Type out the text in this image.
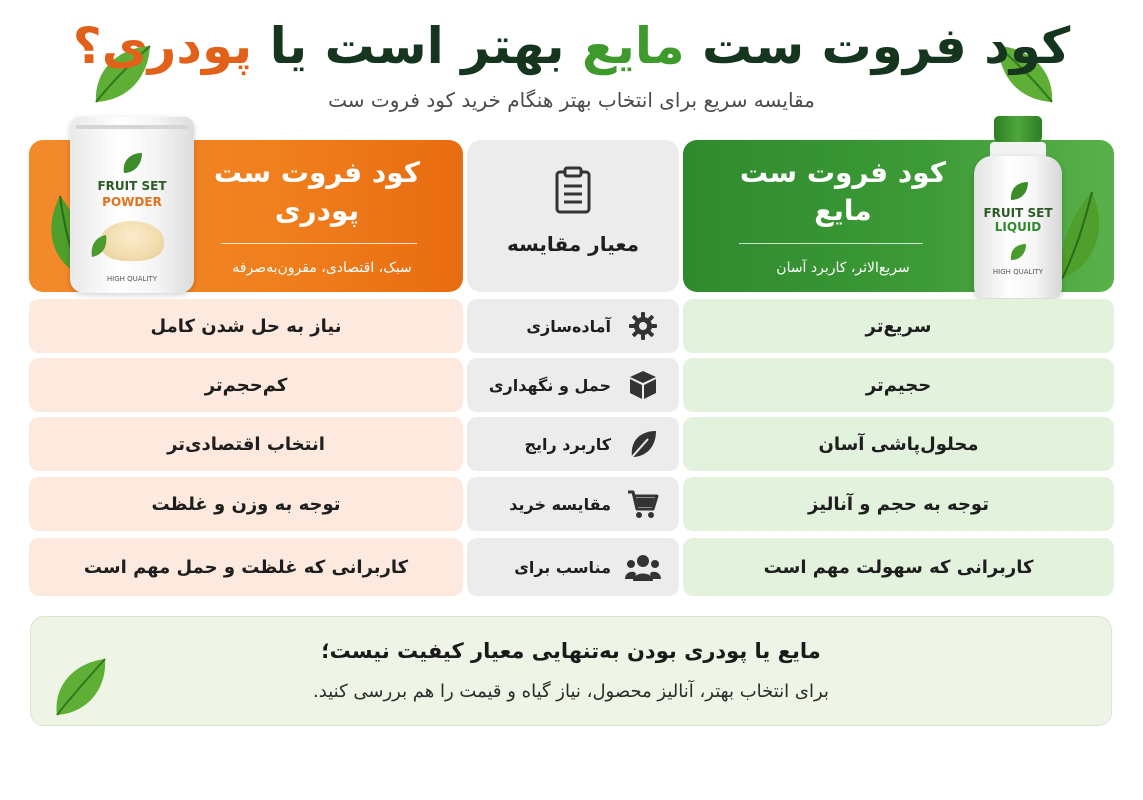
کود فروت ست مایع بهتر است یا پودری؟
مقایسه سریع برای انتخاب بهتر هنگام خرید کود فروت ست
کود فروت ست
پودری
سبک، اقتصادی، مقرون‌به‌صرفه
معیار مقایسه
کود فروت ست
مایع
سریع‌الاثر، کاربرد آسان
FRUIT SET
POWDER
HIGH QUALITY
FRUIT SET
LIQUID
HIGH QUALITY
نیاز به حل شدن کامل	آماده‌سازی	سریع‌تر
کم‌حجم‌تر	حمل و نگهداری	حجیم‌تر
انتخاب اقتصادی‌تر	کاربرد رایج	محلول‌پاشی آسان
توجه به وزن و غلظت	مقایسه خرید	توجه به حجم و آنالیز
کاربرانی که غلظت و حمل مهم است	مناسب برای	کاربرانی که سهولت مهم است
مایع یا پودری بودن به‌تنهایی معیار کیفیت نیست؛
برای انتخاب بهتر، آنالیز محصول، نیاز گیاه و قیمت را هم بررسی کنید.
